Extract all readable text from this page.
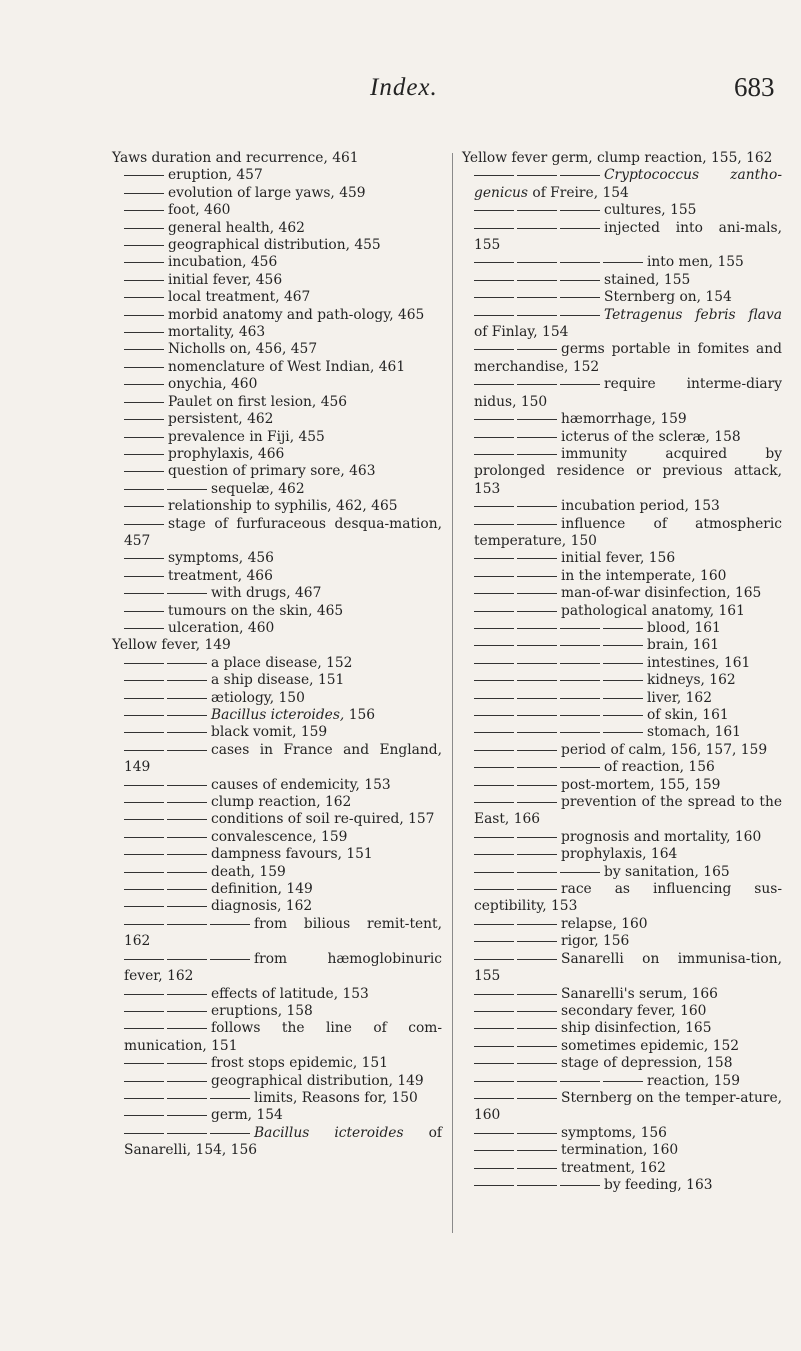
Index.	683

Yaws duration and recurrence, 461

eruption, 457

evolution of large yaws, 459

foot, 460

general health, 462

geographical distribution, 455

incubation, 456

initial fever, 456

local treatment, 467

morbid anatomy and path-ology, 465

mortality, 463

Nicholls on, 456, 457

nomenclature of West Indian, 461

onychia, 460

Paulet on first lesion, 456

persistent, 462

prevalence in Fiji, 455

prophylaxis, 466

question of primary sore, 463

sequelæ, 462

relationship to syphilis, 462, 465

stage of furfuraceous desqua-mation, 457

symptoms, 456

treatment, 466

with drugs, 467

tumours on the skin, 465

ulceration, 460

Yellow fever, 149

a place disease, 152

a ship disease, 151

ætiology, 150

Bacillus icteroides, 156

black vomit, 159

cases in France and England, 149

causes of endemicity, 153

clump reaction, 162

conditions of soil re-quired, 157

convalescence, 159

dampness favours, 151

death, 159

definition, 149

diagnosis, 162

from bilious remit-tent, 162

from hæmoglobinuric fever, 162

effects of latitude, 153

eruptions, 158

follows the line of com-munication, 151

frost stops epidemic, 151

geographical distribution, 149

limits, Reasons for, 150

germ, 154

Bacillus icteroides of Sanarelli, 154, 156

Yellow fever germ, clump reaction, 155, 162

Cryptococcus zantho-genicus of Freire, 154

cultures, 155

injected into ani-mals, 155

into men, 155

stained, 155

Sternberg on, 154

Tetragenus febris flava of Finlay, 154

germs portable in fomites and merchandise, 152

require interme-diary nidus, 150

hæmorrhage, 159

icterus of the scleræ, 158

immunity acquired by prolonged residence or previous attack, 153

incubation period, 153

influence of atmospheric temperature, 150

initial fever, 156

in the intemperate, 160

man-of-war disinfection, 165

pathological anatomy, 161

blood, 161

brain, 161

intestines, 161

kidneys, 162

liver, 162

of skin, 161

stomach, 161

period of calm, 156, 157, 159

of reaction, 156

post-mortem, 155, 159

prevention of the spread to the East, 166

prognosis and mortality, 160

prophylaxis, 164

by sanitation, 165

race as influencing sus-ceptibility, 153

relapse, 160

rigor, 156

Sanarelli on immunisa-tion, 155

Sanarelli's serum, 166

secondary fever, 160

ship disinfection, 165

sometimes epidemic, 152

stage of depression, 158

reaction, 159

Sternberg on the temper-ature, 160

symptoms, 156

termination, 160

treatment, 162

by feeding, 163
